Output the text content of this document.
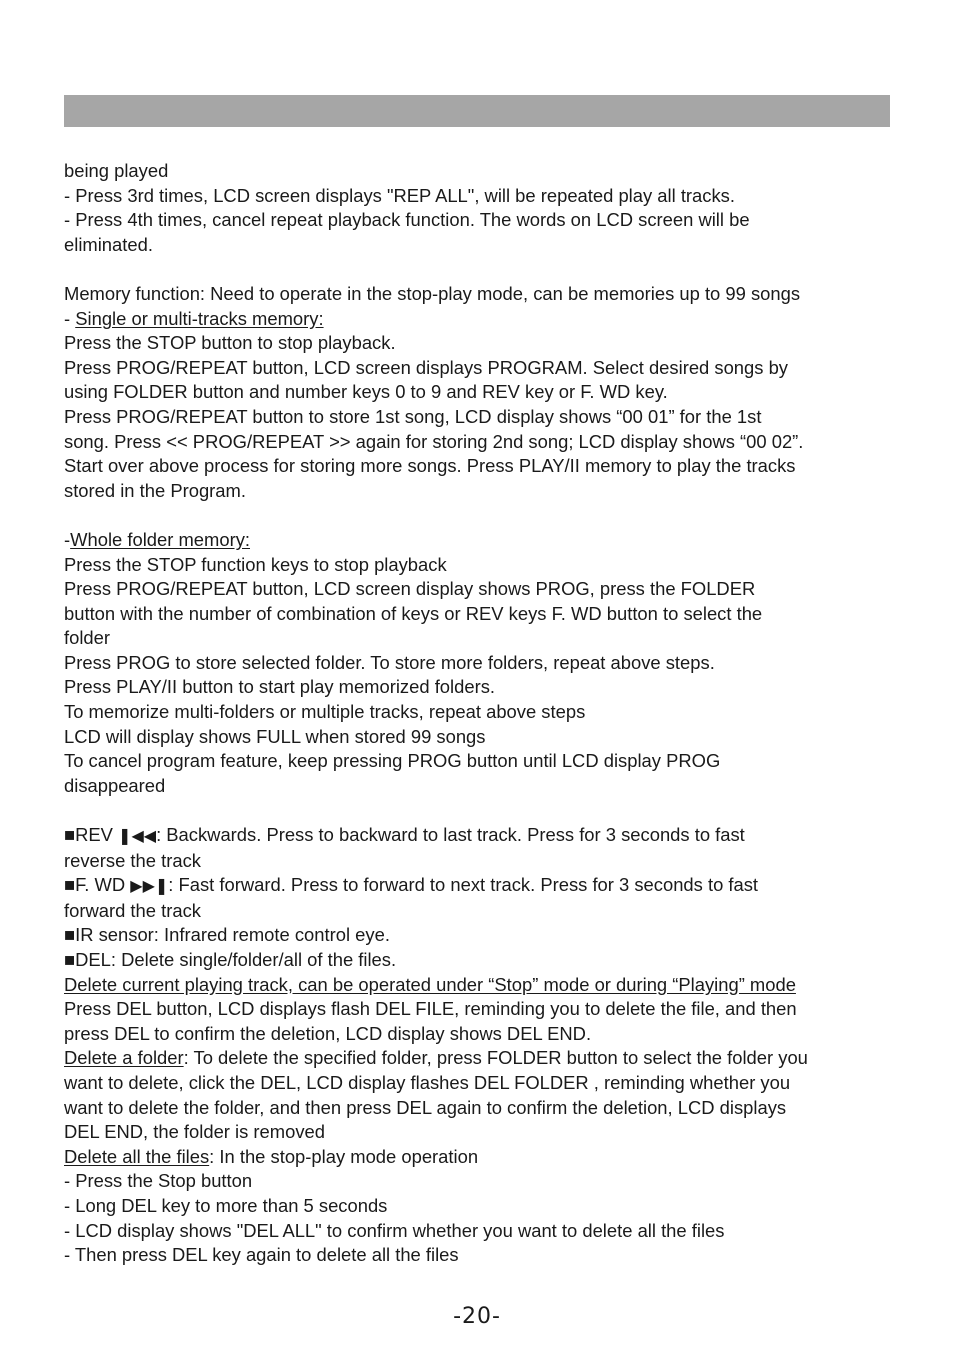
being played
- Press 3rd times, LCD screen displays "REP ALL", will be repeated play all tracks.
- Press 4th times, cancel repeat playback function. The words on LCD screen will be
eliminated.
Memory function: Need to operate in the stop-play mode, can be memories up to 99 songs
- Single or multi-tracks memory:
Press the STOP button to stop playback.
Press PROG/REPEAT button, LCD screen displays PROGRAM. Select desired songs by
using FOLDER button and number keys 0 to 9 and REV key or F. WD key.
Press PROG/REPEAT button to store 1st song, LCD display shows “00 01” for the 1st
song. Press << PROG/REPEAT >> again for storing 2nd song; LCD display shows “00 02”.
Start over above process for storing more songs. Press PLAY/II memory to play the tracks
stored in the Program.
-Whole folder memory:
Press the STOP function keys to stop playback
Press PROG/REPEAT button, LCD screen display shows PROG, press the FOLDER
button with the number of combination of keys or REV keys F. WD button to select the
folder
Press PROG to store selected folder. To store more folders, repeat above steps.
Press PLAY/II button to start play memorized folders.
To memorize multi-folders or multiple tracks, repeat above steps
LCD will display shows FULL when stored 99 songs
To cancel program feature, keep pressing PROG button until LCD display PROG
disappeared
■REV ❚◀◀: Backwards. Press to backward to last track. Press for 3 seconds to fast
reverse the track
■F. WD ▶▶❚: Fast forward. Press to forward to next track. Press for 3 seconds to fast
forward the track
■IR sensor: Infrared remote control eye.
■DEL: Delete single/folder/all of the files.
Delete current playing track, can be operated under “Stop” mode or during “Playing” mode
Press DEL button, LCD displays flash DEL FILE, reminding you to delete the file, and then
press DEL to confirm the deletion, LCD display shows DEL END.
Delete a folder: To delete the specified folder, press FOLDER button to select the folder you
want to delete, click the DEL, LCD display flashes DEL FOLDER , reminding whether you
want to delete the folder, and then press DEL again to confirm the deletion, LCD displays
DEL END, the folder is removed
Delete all the files: In the stop-play mode operation
- Press the Stop button
- Long DEL key to more than 5 seconds
- LCD display shows "DEL ALL" to confirm whether you want to delete all the files
- Then press DEL key again to delete all the files
-20-
